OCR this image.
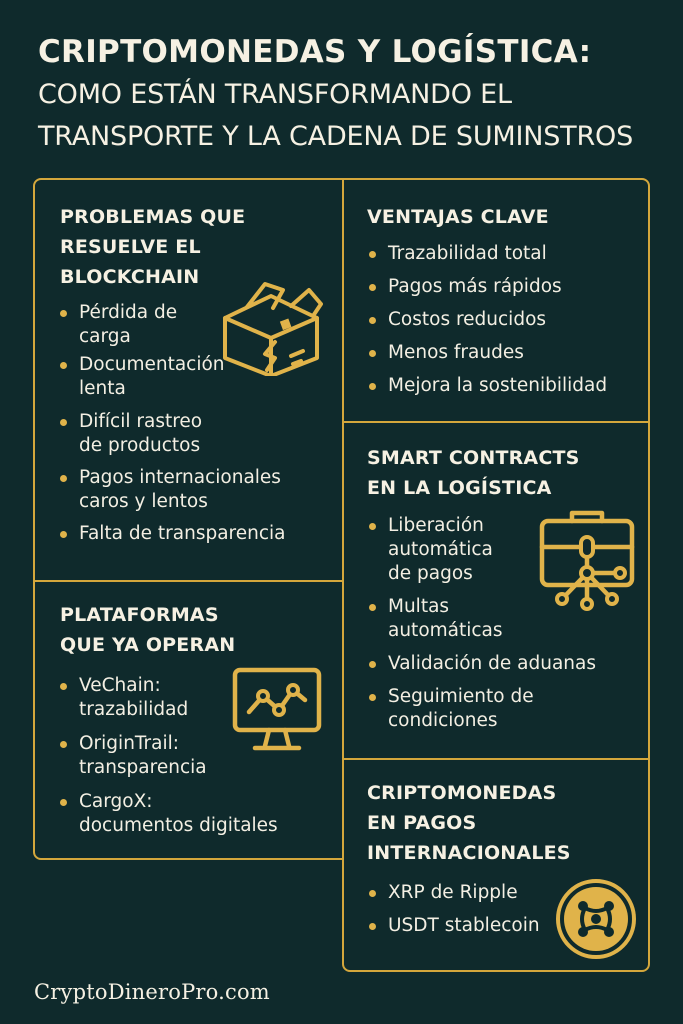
CRIPTOMONEDAS Y LOGÍSTICA:
COMO ESTÁN TRANSFORMANDO EL
TRANSPORTE Y LA CADENA DE SUMINSTROS
PROBLEMAS QUE
RESUELVE EL
BLOCKCHAIN
Pérdida de
carga
Documentación
lenta
Difícil rastreo
de productos
Pagos internacionales
caros y lentos
Falta de transparencia
PLATAFORMAS
QUE YA OPERAN
VeChain:
trazabilidad
OriginTrail:
transparencia
CargoX:
documentos digitales
VENTAJAS CLAVE
Trazabilidad total
Pagos más rápidos
Costos reducidos
Menos fraudes
Mejora la sostenibilidad
SMART CONTRACTS
EN LA LOGÍSTICA
Liberación
automática
de pagos
Multas
automáticas
Validación de aduanas
Seguimiento de
condiciones
CRIPTOMONEDAS
EN PAGOS
INTERNACIONALES
XRP de Ripple
USDT stablecoin
CryptoDineroPro.com
